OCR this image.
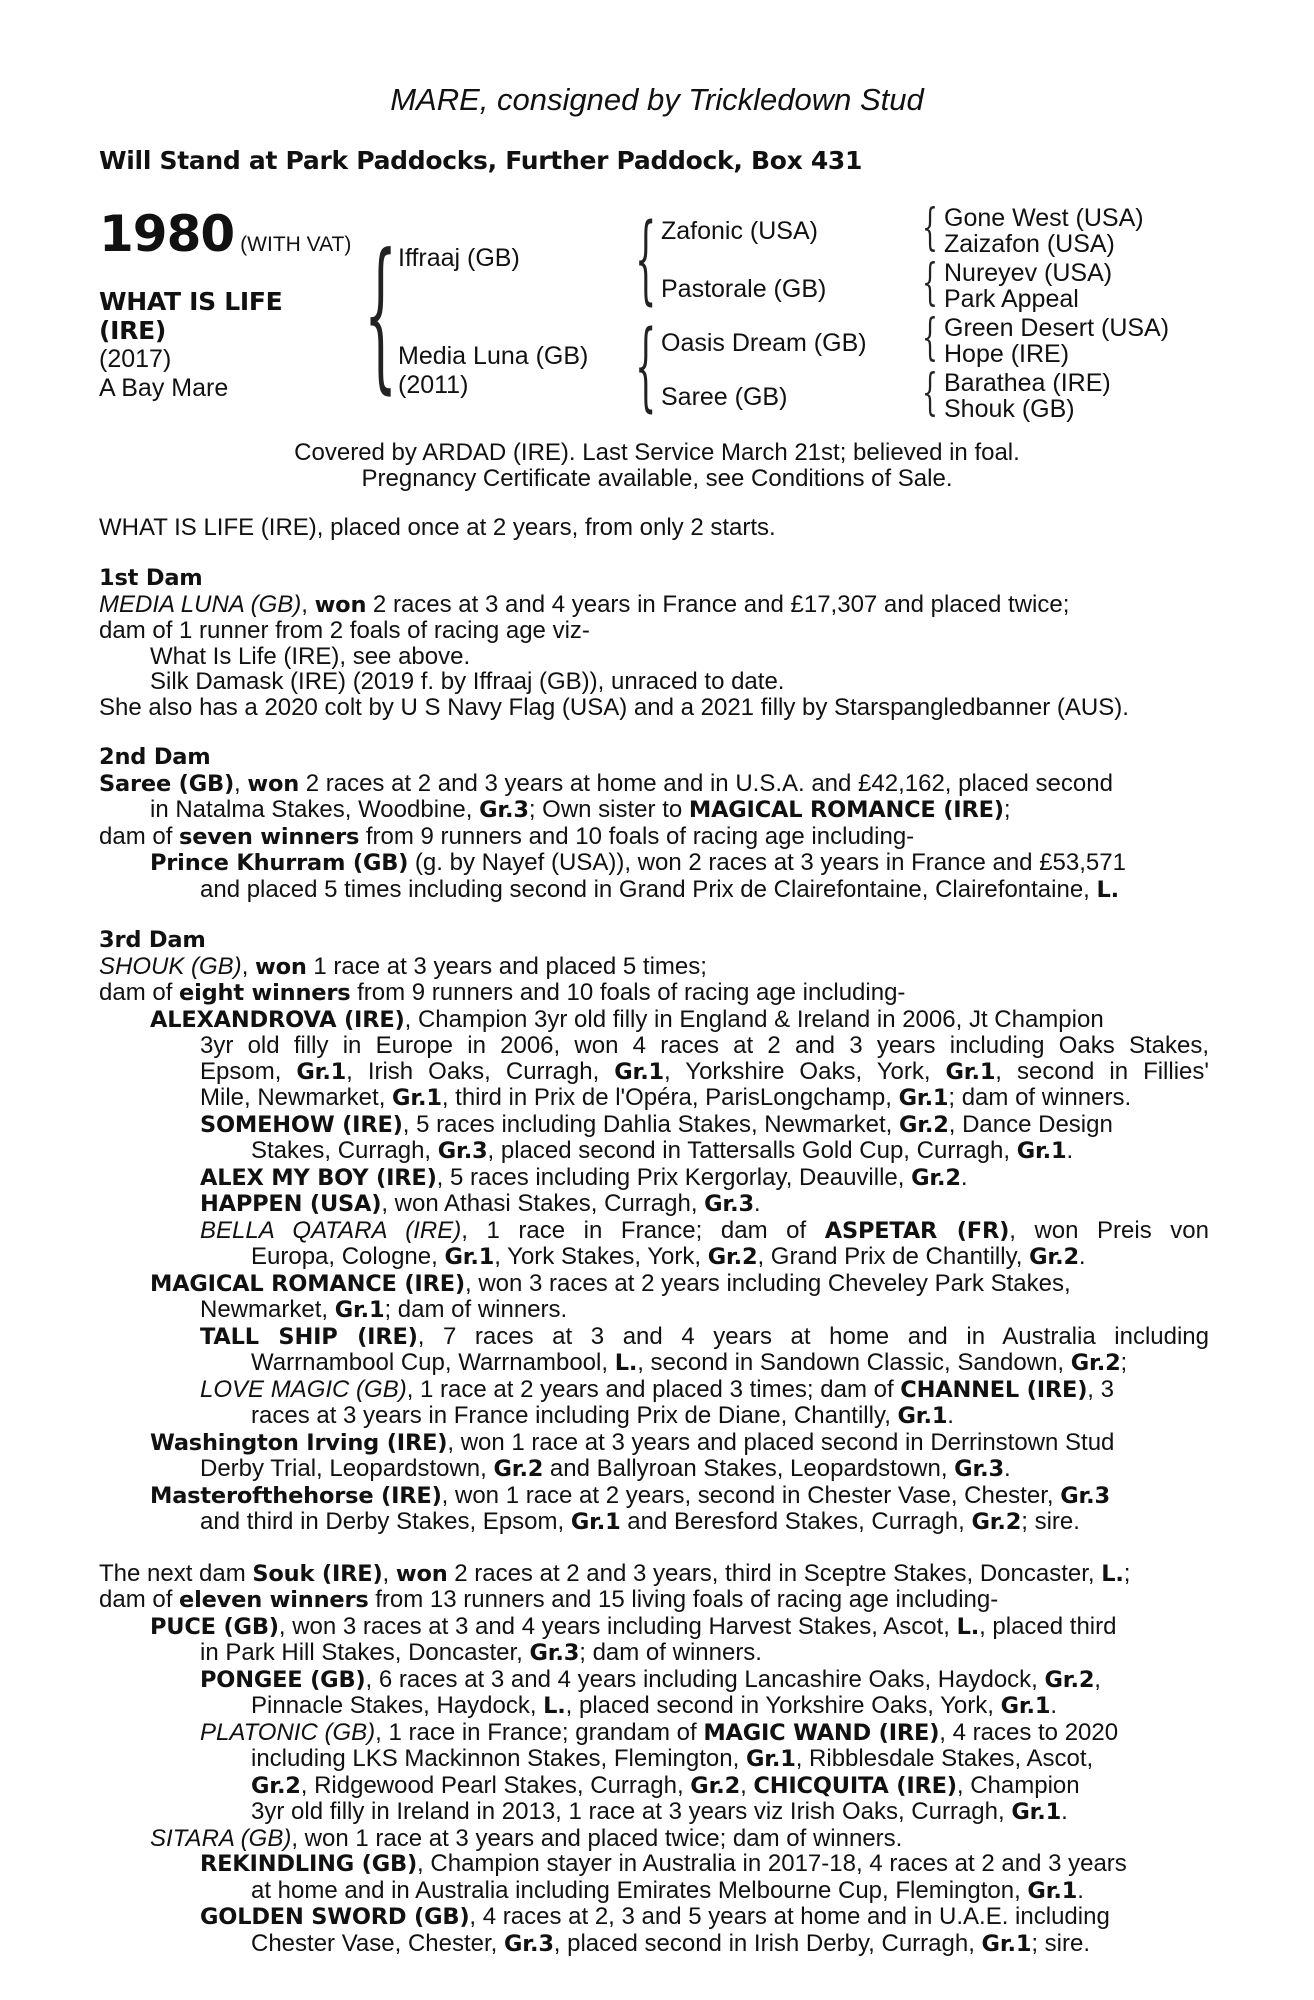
MARE, consigned by Trickledown Stud
Will Stand at Park Paddocks, Further Paddock, Box 431
1980 (WITH VAT)
WHAT IS LIFE
(IRE)
(2017)
A Bay Mare { Iffraaj (GB)
Media Luna (GB)
(2011)
{
{
Zafonic (USA)
Pastorale (GB)
Oasis Dream (GB)
Saree (GB)
{
{
{
{
Gone West (USA)
Zaizafon (USA)
Nureyev (USA)
Park Appeal
Green Desert (USA)
Hope (IRE)
Barathea (IRE)
Shouk (GB)
Covered by ARDAD (IRE). Last Service March 21st; believed in foal.
Pregnancy Certificate available, see Conditions of Sale.
WHAT IS LIFE (IRE), placed once at 2 years, from only 2 starts.
1st Dam
MEDIA LUNA (GB), won 2 races at 3 and 4 years in France and £17,307 and placed twice;
dam of 1 runner from 2 foals of racing age viz-
What Is Life (IRE), see above.
Silk Damask (IRE) (2019 f. by Iffraaj (GB)), unraced to date.
She also has a 2020 colt by U S Navy Flag (USA) and a 2021 filly by Starspangledbanner (AUS).
2nd Dam
Saree (GB), won 2 races at 2 and 3 years at home and in U.S.A. and £42,162, placed second
in Natalma Stakes, Woodbine, Gr.3; Own sister to MAGICAL ROMANCE (IRE);
dam of seven winners from 9 runners and 10 foals of racing age including-
Prince Khurram (GB) (g. by Nayef (USA)), won 2 races at 3 years in France and £53,571
and placed 5 times including second in Grand Prix de Clairefontaine, Clairefontaine, L.
3rd Dam
SHOUK (GB), won 1 race at 3 years and placed 5 times;
dam of eight winners from 9 runners and 10 foals of racing age including-
ALEXANDROVA (IRE), Champion 3yr old filly in England & Ireland in 2006, Jt Champion
3yr old filly in Europe in 2006, won 4 races at 2 and 3 years including Oaks Stakes,
Epsom, Gr.1, Irish Oaks, Curragh, Gr.1, Yorkshire Oaks, York, Gr.1, second in Fillies'
Mile, Newmarket, Gr.1, third in Prix de l'Opéra, ParisLongchamp, Gr.1; dam of winners.
SOMEHOW (IRE), 5 races including Dahlia Stakes, Newmarket, Gr.2, Dance Design
Stakes, Curragh, Gr.3, placed second in Tattersalls Gold Cup, Curragh, Gr.1.
ALEX MY BOY (IRE), 5 races including Prix Kergorlay, Deauville, Gr.2.
HAPPEN (USA), won Athasi Stakes, Curragh, Gr.3.
BELLA QATARA (IRE), 1 race in France; dam of ASPETAR (FR), won Preis von
Europa, Cologne, Gr.1, York Stakes, York, Gr.2, Grand Prix de Chantilly, Gr.2.
MAGICAL ROMANCE (IRE), won 3 races at 2 years including Cheveley Park Stakes,
Newmarket, Gr.1; dam of winners.
TALL SHIP (IRE), 7 races at 3 and 4 years at home and in Australia including
Warrnambool Cup, Warrnambool, L., second in Sandown Classic, Sandown, Gr.2;
LOVE MAGIC (GB), 1 race at 2 years and placed 3 times; dam of CHANNEL (IRE), 3
races at 3 years in France including Prix de Diane, Chantilly, Gr.1.
Washington Irving (IRE), won 1 race at 3 years and placed second in Derrinstown Stud
Derby Trial, Leopardstown, Gr.2 and Ballyroan Stakes, Leopardstown, Gr.3.
Masterofthehorse (IRE), won 1 race at 2 years, second in Chester Vase, Chester, Gr.3
and third in Derby Stakes, Epsom, Gr.1 and Beresford Stakes, Curragh, Gr.2; sire.
The next dam Souk (IRE), won 2 races at 2 and 3 years, third in Sceptre Stakes, Doncaster, L.;
dam of eleven winners from 13 runners and 15 living foals of racing age including-
PUCE (GB), won 3 races at 3 and 4 years including Harvest Stakes, Ascot, L., placed third
in Park Hill Stakes, Doncaster, Gr.3; dam of winners.
PONGEE (GB), 6 races at 3 and 4 years including Lancashire Oaks, Haydock, Gr.2,
Pinnacle Stakes, Haydock, L., placed second in Yorkshire Oaks, York, Gr.1.
PLATONIC (GB), 1 race in France; grandam of MAGIC WAND (IRE), 4 races to 2020
including LKS Mackinnon Stakes, Flemington, Gr.1, Ribblesdale Stakes, Ascot,
Gr.2, Ridgewood Pearl Stakes, Curragh, Gr.2, CHICQUITA (IRE), Champion
3yr old filly in Ireland in 2013, 1 race at 3 years viz Irish Oaks, Curragh, Gr.1.
SITARA (GB), won 1 race at 3 years and placed twice; dam of winners.
REKINDLING (GB), Champion stayer in Australia in 2017-18, 4 races at 2 and 3 years
at home and in Australia including Emirates Melbourne Cup, Flemington, Gr.1.
GOLDEN SWORD (GB), 4 races at 2, 3 and 5 years at home and in U.A.E. including
Chester Vase, Chester, Gr.3, placed second in Irish Derby, Curragh, Gr.1; sire.
